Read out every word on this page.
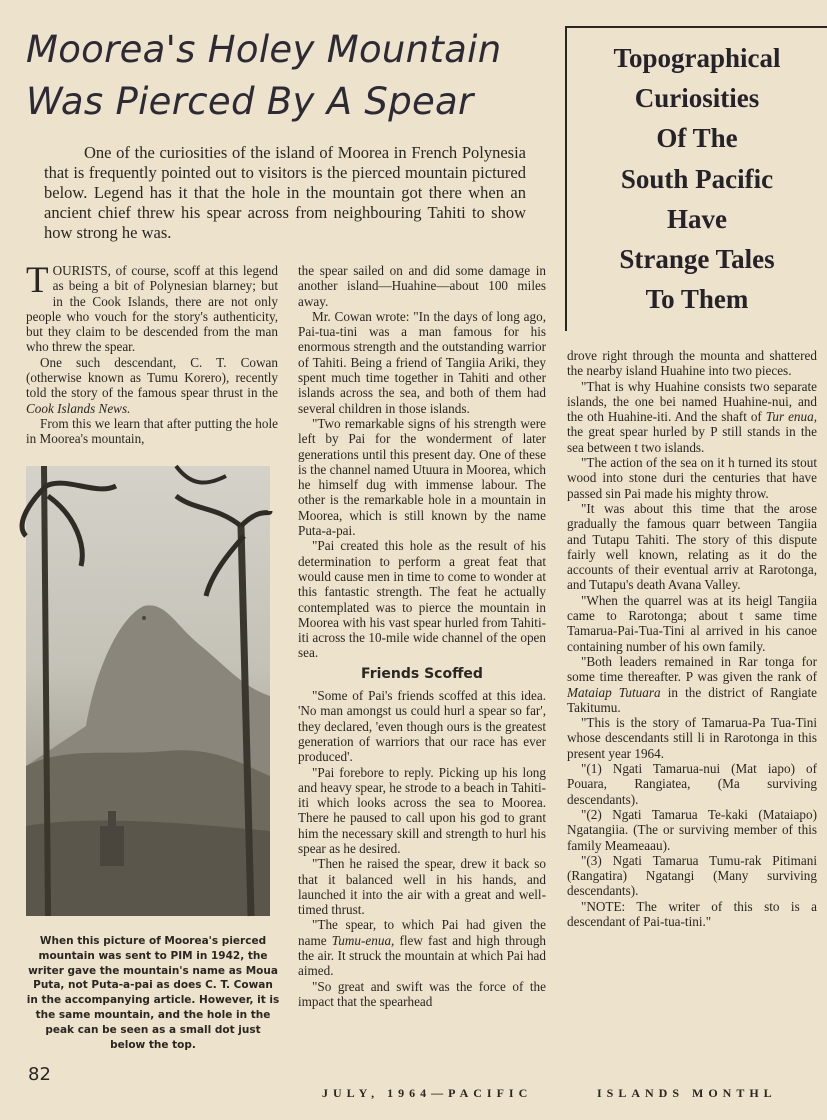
Moorea's Holey Mountain
Was Pierced By A Spear
One of the curiosities of the island of Moorea in French Polynesia that is frequently pointed out to visitors is the pierced mountain pictured below. Legend has it that the hole in the mountain got there when an ancient chief threw his spear across from neighbouring Tahiti to show how strong he was.
Topographical
Curiosities
Of The
South Pacific
Have
Strange Tales
To Them

TOURISTS, of course, scoff at this legend as being a bit of Polynesian blarney; but in the Cook Islands, there are not only people who vouch for the story's authenticity, but they claim to be descended from the man who threw the spear.

One such descendant, C. T. Cowan (otherwise known as Tumu Korero), recently told the story of the famous spear thrust in the Cook Islands News.

From this we learn that after putting the hole in Moorea's mountain,

When this picture of Moorea's pierced mountain was sent to PIM in 1942, the writer gave the mountain's name as Moua Puta, not Puta-a-pai as does C. T. Cowan in the accompanying article. However, it is the same mountain, and the hole in the peak can be seen as a small dot just below the top.

the spear sailed on and did some damage in another island—Huahine—about 100 miles away.

Mr. Cowan wrote: "In the days of long ago, Pai-tua-tini was a man famous for his enormous strength and the outstanding warrior of Tahiti. Being a friend of Tangiia Ariki, they spent much time together in Tahiti and other islands across the sea, and both of them had several children in those islands.

"Two remarkable signs of his strength were left by Pai for the wonderment of later generations until this present day. One of these is the channel named Utuura in Moorea, which he himself dug with immense labour. The other is the remarkable hole in a mountain in Moorea, which is still known by the name Puta-a-pai.

"Pai created this hole as the result of his determination to perform a great feat that would cause men in time to come to wonder at this fantastic strength. The feat he actually contemplated was to pierce the mountain in Moorea with his vast spear hurled from Tahiti-iti across the 10-mile wide channel of the open sea.

Friends Scoffed

"Some of Pai's friends scoffed at this idea. 'No man amongst us could hurl a spear so far', they declared, 'even though ours is the greatest generation of warriors that our race has ever produced'.

"Pai forebore to reply. Picking up his long and heavy spear, he strode to a beach in Tahiti-iti which looks across the sea to Moorea. There he paused to call upon his god to grant him the necessary skill and strength to hurl his spear as he desired.

"Then he raised the spear, drew it back so that it balanced well in his hands, and launched it into the air with a great and well-timed thrust.

"The spear, to which Pai had given the name Tumu-enua, flew fast and high through the air. It struck the mountain at which Pai had aimed.

"So great and swift was the force of the impact that the spearhead

drove right through the mounta and shattered the nearby island Huahine into two pieces.

"That is why Huahine consists two separate islands, the one bei named Huahine-nui, and the oth Huahine-iti. And the shaft of Tur enua, the great spear hurled by P still stands in the sea between t two islands.

"The action of the sea on it h turned its stout wood into stone duri the centuries that have passed sin Pai made his mighty throw.

"It was about this time that the arose gradually the famous quarr between Tangiia and Tutapu Tahiti. The story of this dispute fairly well known, relating as it do the accounts of their eventual arriv at Rarotonga, and Tutapu's death Avana Valley.

"When the quarrel was at its heigl Tangiia came to Rarotonga; about t same time Tamarua-Pai-Tua-Tini al arrived in his canoe containing number of his own family.

"Both leaders remained in Rar tonga for some time thereafter. P was given the rank of Mataiap Tutuara in the district of Rangiate Takitumu.

"This is the story of Tamarua-Pa Tua-Tini whose descendants still li in Rarotonga in this present year 1964.

"(1) Ngati Tamarua-nui (Mat iapo) of Pouara, Rangiatea, (Ma surviving descendants).

"(2) Ngati Tamarua Te-kaki (Mataiapo) Ngatangiia. (The or surviving member of this family Meameaau).

"(3) Ngati Tamarua Tumu-rak Pitimani (Rangatira) Ngatangi (Many surviving descendants).

"NOTE: The writer of this sto is a descendant of Pai-tua-tini."

82
JULY, 1964—PACIFIC	ISLANDS MONTHL
